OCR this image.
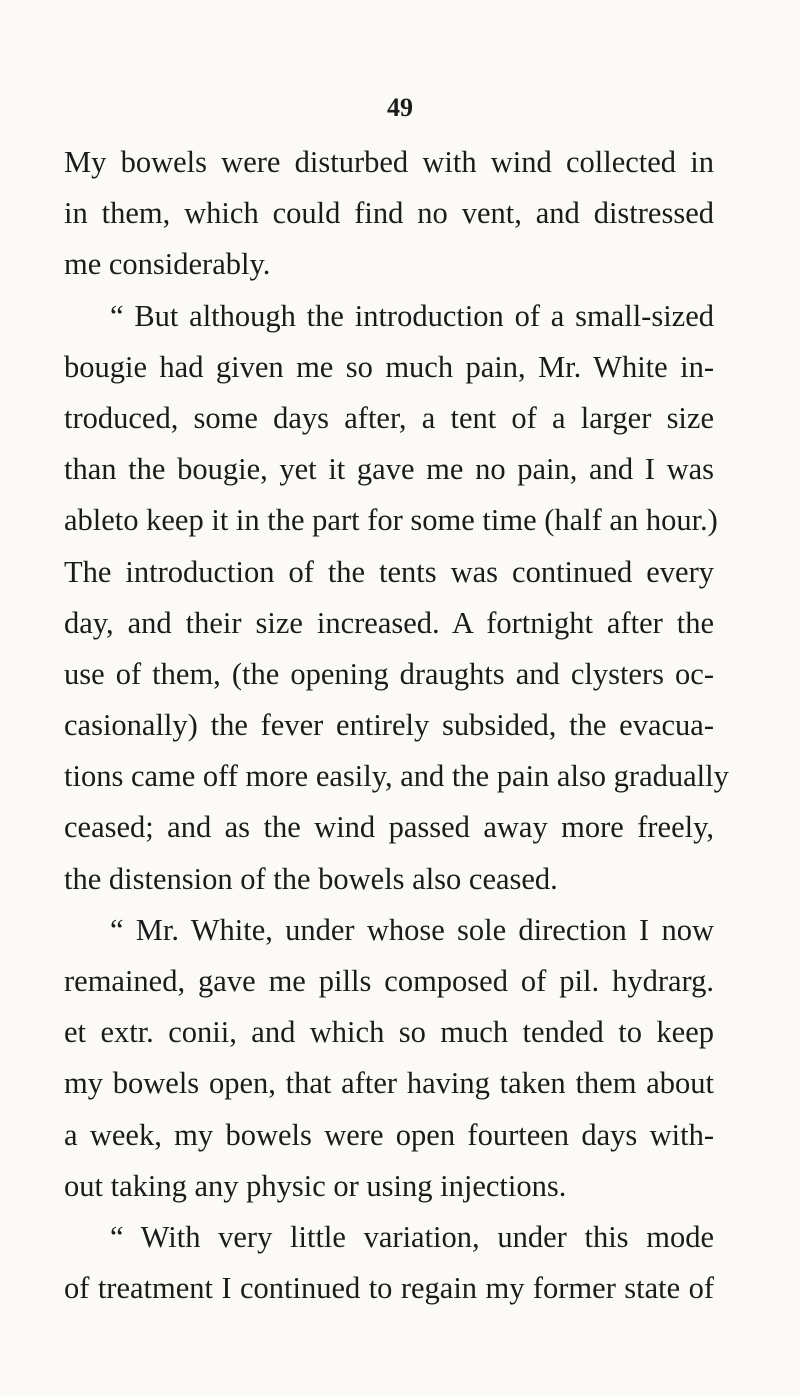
49
My bowels were disturbed with wind collected in
in them, which could find no vent, and distressed
me considerably.
“ But although the introduction of a small-sized
bougie had given me so much pain, Mr. White in-
troduced, some days after, a tent of a larger size
than the bougie, yet it gave me no pain, and I was
ableto keep it in the part for some time (half an hour.)
The introduction of the tents was continued every
day, and their size increased. A fortnight after the
use of them, (the opening draughts and clysters oc-
casionally) the fever entirely subsided, the evacua-
tions came off more easily, and the pain also gradually
ceased; and as the wind passed away more freely,
the distension of the bowels also ceased.
“ Mr. White, under whose sole direction I now
remained, gave me pills composed of pil. hydrarg.
et extr. conii, and which so much tended to keep
my bowels open, that after having taken them about
a week, my bowels were open fourteen days with-
out taking any physic or using injections.
“ With very little variation, under this mode
of treatment I continued to regain my former state of
